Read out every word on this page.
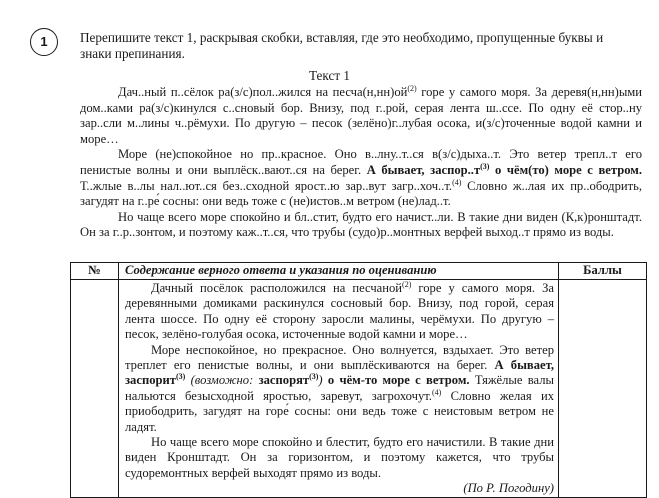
1	Перепишите текст 1, раскрывая скобки, вставляя, где это необходимо, пропущенные буквы и знаки препинания.

Текст 1

Дач..ный п..сёлок ра(з/с)пол..жился на $песча(н,нн)ой^{(2)}$ горе у самого моря. За деревя(н,нн)ыми дом..ками ра(з/с)кинулся с..сновый бор. Внизу, под г..рой, серая лента ш..ссе. По одну её стор..ну зар..сли м..лины ч..рёмухи. По другую – песок (зелёно)г..лубая осока, и(з/с)точенные водой камни и море…

Море (не)спокойное но пр..красное. Оно в..лну..т..ся в(з/с)дыха..т. Это ветер трепл..т его пенистые волны и они выплёск..вают..ся на берег. А бывает, $заспор..т^{(3)}$ о чём(то) море с ветром. Т..жлые в..лы нал..ют..ся без..сходной ярост..ю зар..вут загр..хоч..т.$^{(4)}$ Словно ж..лая их пр..ободрить, загудят на г..ре́ сосны: они ведь тоже с (не)истов..м ветром (не)лад..т.

Но чаще всего море спокойно и бл..стит, будто его начист..ли. В такие дни виден (К,к)ронштадт. Он за г..р..зонтом, и поэтому каж..т..ся, что трубы (судо)р..монтных верфей выход..т прямо из воды.

№	Содержание верного ответа и указания по оцениванию	Баллы

	Дачный посёлок расположился на песчаной$^{(2)}$ горе у самого моря. За деревянными домиками раскинулся сосновый бор. Внизу, под горой, серая лента шоссе. По одну её сторону заросли малины, черёмухи. По другую – песок, зелёно-голубая осока, источенные водой камни и море…

Море неспокойное, но прекрасное. Оно волнуется, вздыхает. Это ветер треплет его пенистые волны, и они выплёскиваются на берег. А бывает, заспорит$^{(3)}$ (возможно: заспорят$^{(3)}$) о чём-то море с ветром. Тяжёлые валы нальются безысходной яростью, заревут, загрохочут.$^{(4)}$ Словно желая их приободрить, загудят на горе́ сосны: они ведь тоже с неистовым ветром не ладят.

Но чаще всего море спокойно и блестит, будто его начистили. В такие дни виден Кронштадт. Он за горизонтом, и поэтому кажется, что трубы судоремонтных верфей выходят прямо из воды.

(По Р. Погодину)	
